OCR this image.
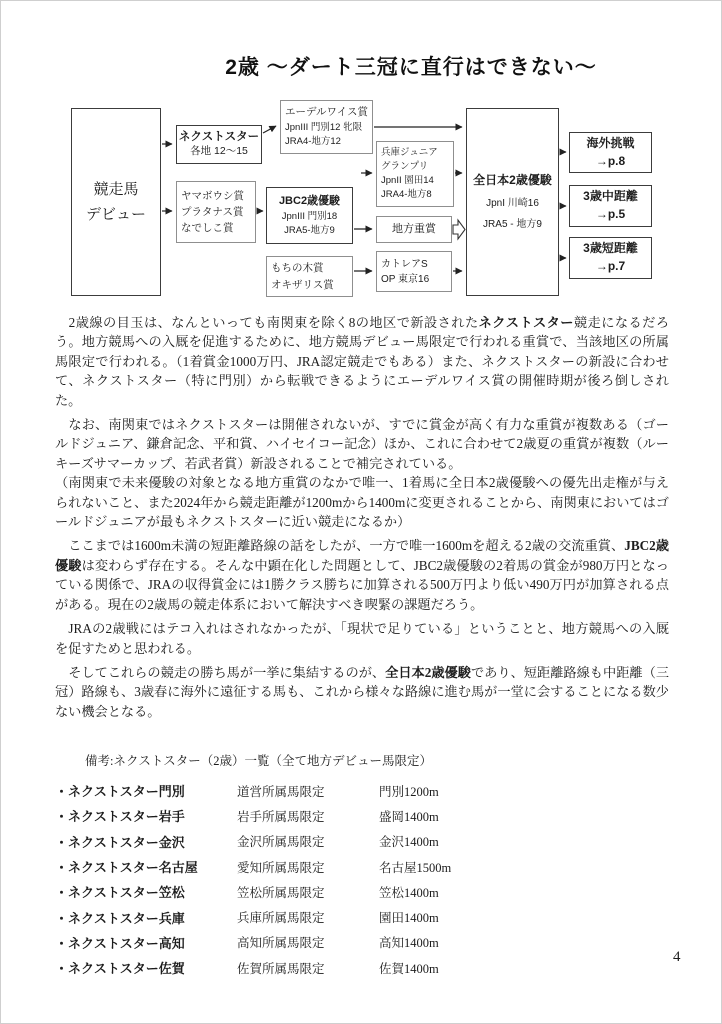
2歳 ～ダート三冠に直行はできない～
競走馬
デビュー
ネクストスター
各地 12～15
ヤマボウシ賞
プラタナス賞
なでしこ賞
エーデルワイス賞
JpnIII 門別12 牝限
JRA4-地方12
JBC2歳優駿
JpnIII 門別18
JRA5-地方9
もちの木賞
オキザリス賞
兵庫ジュニア
グランプリ
JpnII 園田14
JRA4-地方8
地方重賞
カトレアS
OP 東京16
全日本2歳優駿
JpnI 川崎16
JRA5 - 地方9
海外挑戦
→p.8
3歳中距離
→p.5
3歳短距離
→p.7

　2歳線の目玉は、なんといっても南関東を除く8の地区で新設されたネクストスター競走になるだろう。地方競馬への入厩を促進するために、地方競馬デビュー馬限定で行われる重賞で、当該地区の所属馬限定で行われる。（1着賞金1000万円、JRA認定競走でもある）また、ネクストスターの新設に合わせて、ネクストスター（特に門別）から転戦できるようにエーデルワイス賞の開催時期が後ろ倒しされた。

　なお、南関東ではネクストスターは開催されないが、すでに賞金が高く有力な重賞が複数ある（ゴールドジュニア、鎌倉記念、平和賞、ハイセイコー記念）ほか、これに合わせて2歳夏の重賞が複数（ルーキーズサマーカップ、若武者賞）新設されることで補完されている。

（南関東で未来優駿の対象となる地方重賞のなかで唯一、1着馬に全日本2歳優駿への優先出走権が与えられないこと、また2024年から競走距離が1200mから1400mに変更されることから、南関東においてはゴールドジュニアが最もネクストスターに近い競走になるか）

　ここまでは1600m未満の短距離路線の話をしたが、一方で唯一1600mを超える2歳の交流重賞、JBC2歳優駿は変わらず存在する。そんな中顕在化した問題として、JBC2歳優駿の2着馬の賞金が980万円となっている関係で、JRAの収得賞金には1勝クラス勝ちに加算される500万円より低い490万円が加算される点がある。現在の2歳馬の競走体系において解決すべき喫緊の課題だろう。

　JRAの2歳戦にはテコ入れはされなかったが、「現状で足りている」ということと、地方競馬への入厩を促すためと思われる。

　そしてこれらの競走の勝ち馬が一挙に集結するのが、全日本2歳優駿であり、短距離路線も中距離（三冠）路線も、3歳春に海外に遠征する馬も、これから様々な路線に進む馬が一堂に会することになる数少ない機会となる。

備考:ネクストスター（2歳）一覧（全て地方デビュー馬限定）
・ネクストスター門別	道営所属馬限定	門別1200m
・ネクストスター岩手	岩手所属馬限定	盛岡1400m
・ネクストスター金沢	金沢所属馬限定	金沢1400m
・ネクストスター名古屋	愛知所属馬限定	名古屋1500m
・ネクストスター笠松	笠松所属馬限定	笠松1400m
・ネクストスター兵庫	兵庫所属馬限定	園田1400m
・ネクストスター高知	高知所属馬限定	高知1400m
・ネクストスター佐賀	佐賀所属馬限定	佐賀1400m
4
